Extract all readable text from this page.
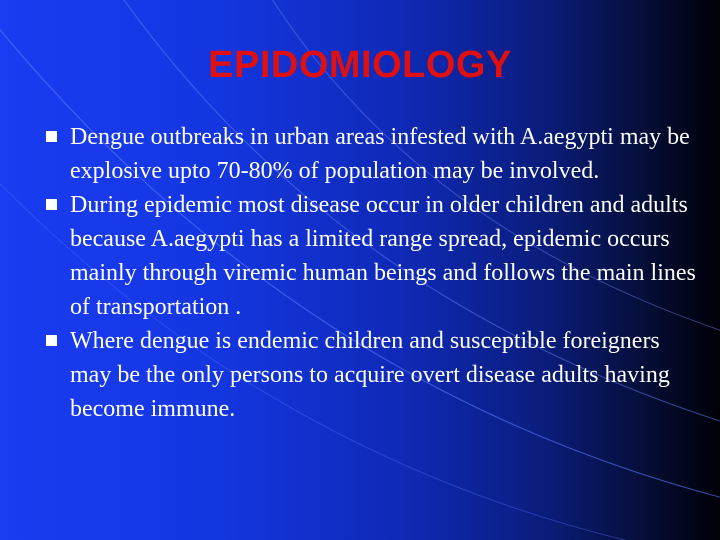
EPIDOMIOLOGY
Dengue outbreaks in urban areas infested with A.aegypti may be explosive upto 70-80% of population may be involved.
During epidemic most disease occur in older children and adults because A.aegypti has a limited range spread, epidemic occurs mainly through viremic human beings and follows the main lines of transportation .
Where dengue is endemic children and susceptible foreigners may be the only persons to acquire overt disease adults having become immune.
